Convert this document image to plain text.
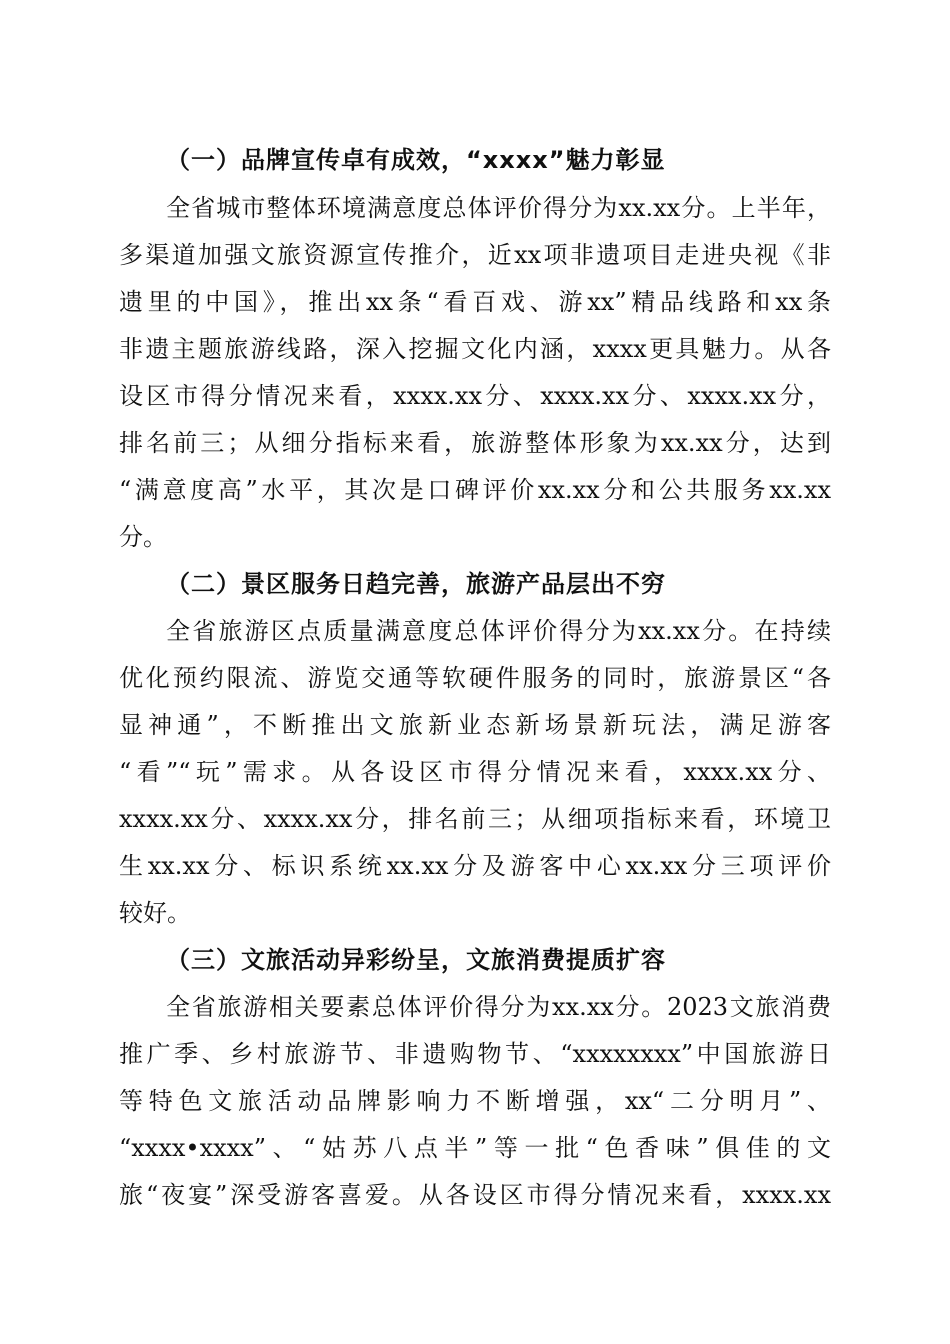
（一）品牌宣传卓有成效，“xxxx”魅力彰显
全省城市整体环境满意度总体评价得分为xx.xx分。上半年，
多渠道加强文旅资源宣传推介，近xx项非遗项目走进央视《非
遗里的中国》，推出xx条“看百戏、游xx”精品线路和xx条
非遗主题旅游线路，深入挖掘文化内涵，xxxx更具魅力。从各
设区市得分情况来看，xxxx.xx分、xxxx.xx分、xxxx.xx分，
排名前三；从细分指标来看，旅游整体形象为xx.xx分，达到
“满意度高”水平，其次是口碑评价xx.xx分和公共服务xx.xx
分。
（二）景区服务日趋完善，旅游产品层出不穷
全省旅游区点质量满意度总体评价得分为xx.xx分。在持续
优化预约限流、游览交通等软硬件服务的同时，旅游景区“各
显神通”，不断推出文旅新业态新场景新玩法，满足游客
“看”“玩”需求。从各设区市得分情况来看，xxxx.xx分、
xxxx.xx分、xxxx.xx分，排名前三；从细项指标来看，环境卫
生xx.xx分、标识系统xx.xx分及游客中心xx.xx分三项评价
较好。
（三）文旅活动异彩纷呈，文旅消费提质扩容
全省旅游相关要素总体评价得分为xx.xx分。2023文旅消费
推广季、乡村旅游节、非遗购物节、“xxxxxxxx”中国旅游日
等特色文旅活动品牌影响力不断增强，xx“二分明月”、
“xxxx•xxxx”、“姑苏八点半”等一批“色香味”俱佳的文
旅“夜宴”深受游客喜爱。从各设区市得分情况来看，xxxx.xx
